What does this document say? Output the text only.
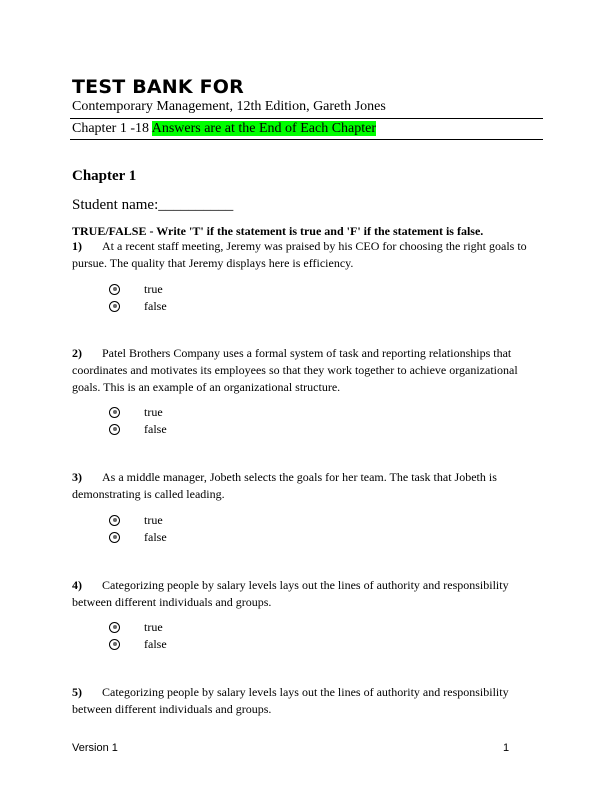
TEST BANK FOR
Contemporary Management, 12th Edition, Gareth Jones
Chapter 1 -18 Answers are at the End of Each Chapter
Chapter 1
Student name:__________
TRUE/FALSE - Write 'T' if the statement is true and 'F' if the statement is false.
1) At a recent staff meeting, Jeremy was praised by his CEO for choosing the right goals to pursue. The quality that Jeremy displays here is efficiency.
true
false
2) Patel Brothers Company uses a formal system of task and reporting relationships that coordinates and motivates its employees so that they work together to achieve organizational goals. This is an example of an organizational structure.
true
false
3) As a middle manager, Jobeth selects the goals for her team. The task that Jobeth is demonstrating is called leading.
true
false
4) Categorizing people by salary levels lays out the lines of authority and responsibility between different individuals and groups.
true
false
5) Categorizing people by salary levels lays out the lines of authority and responsibility between different individuals and groups.
Version 1	1
